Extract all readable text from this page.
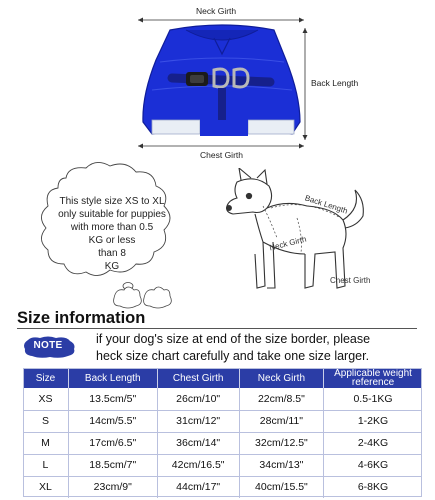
Neck Girth
Back Length
Chest Girth
This style size XS to XL
only suitable for puppies
with more than 0.5
KG or less
than 8
KG
Back Length
Neck Girth
Chest Girth
Size information
NOTE	if your dog's size at end of the size border, please
heck size chart carefully and take one size larger.
Size	Back Length	Chest Girth	Neck Girth	Applicable weight reference
XS	13.5cm/5"	26cm/10"	22cm/8.5"	0.5-1KG
S	14cm/5.5"	31cm/12"	28cm/11"	1-2KG
M	17cm/6.5"	36cm/14"	32cm/12.5"	2-4KG
L	18.5cm/7"	42cm/16.5"	34cm/13"	4-6KG
XL	23cm/9"	44cm/17"	40cm/15.5"	6-8KG
